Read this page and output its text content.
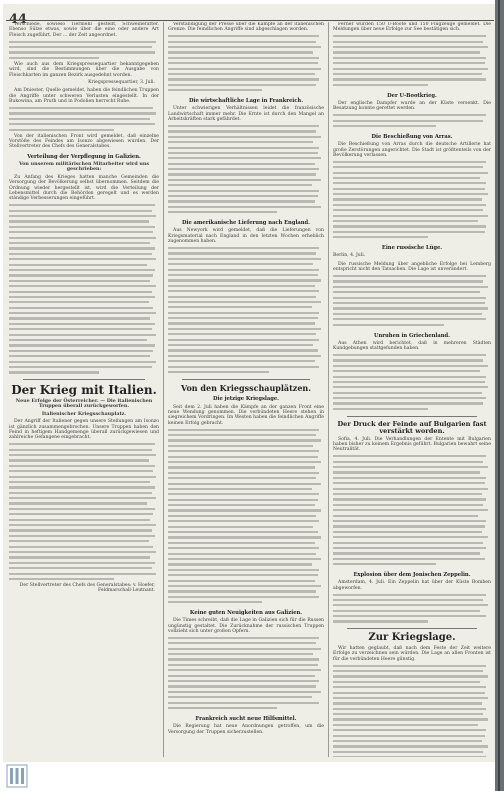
44

Verschiede, sowieso Tiermehl gestellt, Schweinefutter. Ebenso Sülze etwas, sowie über die eine oder andere Art Fleisch zugeführt. Der ... der Zeit angeordnet.

Wie auch aus dem Kriegspressequartier bekanntgegeben wird, sind die Bestimmungen über die Ausgabe von Fleischkarten im ganzen Bezirk ausgedehnt worden.

Kriegspressequartier, 3. Juli.

Am Dniester, Quelle gemeldet, haben die feindlichen Truppen die Angriffe unter schweren Verlusten eingestellt. In der Bukowina, am Pruth und in Podolien herrscht Ruhe.

Von der italienischen Front wird gemeldet, daß einzelne Vorstöße des Feindes am Isonzo abgewiesen wurden. Der Stellvertreter des Chefs des Generalstabes.

Verteilung der Verpflegung in Galizien.
Von unserem militärischen Mitarbeiter wird uns geschrieben:

Zu Anfang des Krieges hatten manche Gemeinden die Versorgung der Bevölkerung selbst übernommen. Seitdem die Ordnung wieder hergestellt ist, wird die Verteilung der Lebensmittel durch die Behörden geregelt und es werden ständige Verbesserungen eingeführt.

Der Krieg mit Italien.
Neue Erfolge der Österreicher. — Die italienischen Truppen überall zurückgeworfen.
Italienischer Kriegsschauplatz.

Der Angriff der Italiener gegen unsere Stellungen am Isonzo ist gänzlich zusammengebrochen. Unsere Truppen haben den Feind in heftigem Handgemenge überall zurückgewiesen und zahlreiche Gefangene eingebracht.

Der Stellvertreter des Chefs des Generalstabes: v. Hoefer, Feldmarschall-Leutnant.

Verständigung der Presse über die Kämpfe an der italienischen Grenze. Die feindlichen Angriffe sind abgeschlagen worden.

Die wirtschaftliche Lage in Frankreich.

Unter schwierigen Verhältnissen leidet die französische Landwirtschaft immer mehr. Die Ernte ist durch den Mangel an Arbeitskräften stark gefährdet.

Die amerikanische Lieferung nach England.

Aus Newyork wird gemeldet, daß die Lieferungen von Kriegsmaterial nach England in den letzten Wochen erheblich zugenommen haben.

Von den Kriegsschauplätzen.
Die jetzige Kriegslage.

Seit dem 2. Juli haben die Kämpfe an der ganzen Front eine neue Wendung genommen. Die verbündeten Heere stehen in siegreichem Vordringen. Im Westen haben die feindlichen Angriffe keinen Erfolg gebracht.

Keine guten Neuigkeiten aus Galizien.

Die Times schreibt, daß die Lage in Galizien sich für die Russen ungünstig gestaltet. Die Zurücknahme der russischen Truppen vollzieht sich unter großen Opfern.

Frankreich sucht neue Hilfsmittel.

Die Regierung hat neue Anordnungen getroffen, um die Versorgung der Truppen sicherzustellen.

Ferner wurden 150 U-Boote und 150 Flugzeuge gemeldet. Die Meldungen über neue Erfolge zur See bestätigen sich.

Der U-Bootkrieg.

Der englische Dampfer wurde an der Küste versenkt. Die Besatzung konnte gerettet werden.

Die Beschießung von Arras.

Die Beschießung von Arras durch die deutsche Artillerie hat große Zerstörungen angerichtet. Die Stadt ist größtenteils von der Bevölkerung verlassen.

Eine russische Lüge.
Berlin, 4. Juli.

Die russische Meldung über angebliche Erfolge bei Lemberg entspricht nicht den Tatsachen. Die Lage ist unverändert.

Unruhen in Griechenland.

Aus Athen wird berichtet, daß in mehreren Städten Kundgebungen stattgefunden haben.

Der Druck der Feinde auf Bulgarien fast verstärkt worden.

Sofia, 4. Juli. Die Verhandlungen der Entente mit Bulgarien haben bisher zu keinem Ergebnis geführt. Bulgarien bewahrt seine Neutralität.

Explosion über dem Jonischen Zeppelin.

Amsterdam, 4. Juli. Ein Zeppelin hat über der Küste Bomben abgeworfen.

Zur Kriegslage.

Wir hatten geglaubt, daß nach dem Feste der Zeit weitere Erfolge zu verzeichnen sein würden. Die Lage an allen Fronten ist für die verbündeten Heere günstig.
